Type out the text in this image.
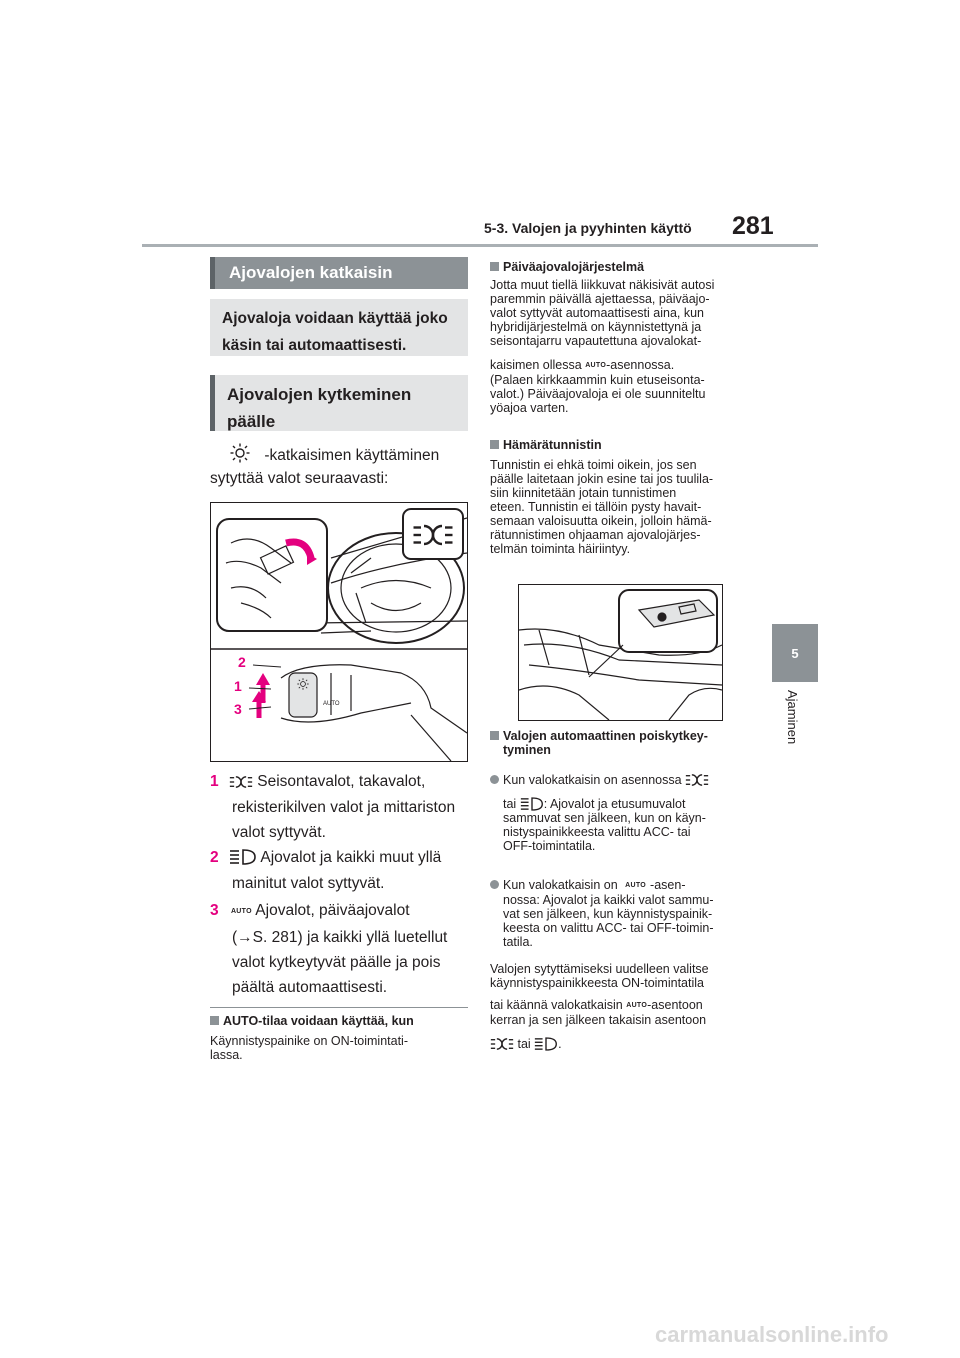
5-3. Valojen ja pyyhinten käyttö 281
5
Ajaminen
Ajovalojen katkaisin
Ajovaloja voidaan käyttää joko käsin tai automaattisesti.
Ajovalojen kytkeminen päälle
-katkaisimen käyttäminen
sytyttää valot seuraavasti:
AUTO
2
1
3
1 Seisontavalot, takavalot,
rekisterikilven valot ja mittariston
valot syttyvät.
2	Ajovalot ja kaikki muut yllä
mainitut valot syttyvät.
3 AUTO Ajovalot, päiväajovalot
(→S. 281) ja kaikki yllä luetellut
valot kytkeytyvät päälle ja pois
päältä automaattisesti.
AUTO-tilaa voidaan käyttää, kun
Käynnistyspainike on ON-toimintati-
lassa.
Päiväajovalojärjestelmä
Jotta muut tiellä liikkuvat näkisivät autosi
paremmin päivällä ajettaessa, päiväajo-
valot syttyvät automaattisesti aina, kun
hybridijärjestelmä on käynnistettynä ja
seisontajarru vapautettuna ajovalokat-
kaisimen ollessa AUTO-asennossa.
(Palaen kirkkaammin kuin etuseisonta-
valot.) Päiväajovaloja ei ole suunniteltu
yöajoa varten.
Hämärätunnistin
Tunnistin ei ehkä toimi oikein, jos sen
päälle laitetaan jokin esine tai jos tuulila-
siin kiinnitetään jotain tunnistimen
eteen. Tunnistin ei tällöin pysty havait-
semaan valoisuutta oikein, jolloin hämä-
rätunnistimen ohjaaman ajovalojärjes-
telmän toiminta häiriintyy.
Valojen automaattinen poiskytkey-
tyminen
Kun valokatkaisin on asennossa
tai : Ajovalot ja etusumuvalot
sammuvat sen jälkeen, kun on käyn-
nistyspainikkeesta valittu ACC- tai
OFF-toimintatila.
Kun valokatkaisin on AUTO -asen-
nossa: Ajovalot ja kaikki valot sammu-
vat sen jälkeen, kun käynnistyspainik-
keesta on valittu ACC- tai OFF-toimin-
tatila.
Valojen sytyttämiseksi uudelleen valitse
käynnistyspainikkeesta ON-toimintatila
tai käännä valokatkaisin AUTO-asentoon
kerran ja sen jälkeen takaisin asentoon
tai .
carmanualsonline.info
